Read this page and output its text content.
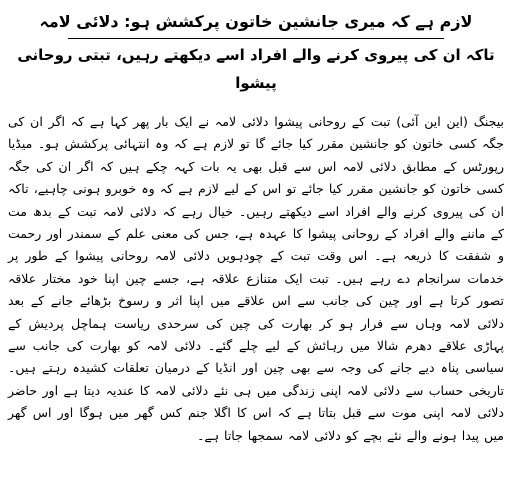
لازم ہے کہ میری جانشین خاتون پرکشش ہو: دلائی لامہ
تاکہ ان کی پیروی کرنے والے افراد اسے دیکھتے رہیں، تبتی روحانی پیشوا
بیجنگ (این این آئی) تبت کے روحانی پیشوا دلائی لامہ نے ایک بار پھر کہا ہے کہ اگر ان کی جگہ کسی خاتون کو جانشین مقرر کیا جائے گا تو لازم ہے کہ وہ انتہائی پرکشش ہو۔ میڈیا رپورٹس کے مطابق دلائی لامہ اس سے قبل بھی یہ بات کہہ چکے ہیں کہ اگر ان کی جگہ کسی خاتون کو جانشین مقرر کیا جائے تو اس کے لیے لازم ہے کہ وہ خوبرو ہونی چاہیے، تاکہ ان کی پیروی کرنے والے افراد اسے دیکھتے رہیں۔ خیال رہے کہ دلائی لامہ تبت کے بدھ مت کے ماننے والے افراد کے روحانی پیشوا کا عہدہ ہے، جس کی معنی علم کے سمندر اور رحمت و شفقت کا ذریعہ ہے۔ اس وقت تبت کے چودہویں دلائی لامہ روحانی پیشوا کے طور پر خدمات سرانجام دے رہے ہیں۔ تبت ایک متنازع علاقہ ہے، جسے چین اپنا خود مختار علاقہ تصور کرتا ہے اور چین کی جانب سے اس علاقے میں اپنا اثر و رسوخ بڑھائے جانے کے بعد دلائی لامہ وہاں سے فرار ہو کر بھارت کی چین کی سرحدی ریاست ہماچل پردیش کے پہاڑی علاقے دھرم شالا میں رہائش کے لیے چلے گئے۔ دلائی لامہ کو بھارت کی جانب سے سیاسی پناہ دیے جانے کی وجہ سے بھی چین اور انڈیا کے درمیان تعلقات کشیدہ رہتے ہیں۔ تاریخی حساب سے دلائی لامہ اپنی زندگی میں ہی نئے دلائی لامہ کا عندیہ دیتا ہے اور حاضر دلائی لامہ اپنی موت سے قبل بتاتا ہے کہ اس کا اگلا جنم کس گھر میں ہوگا اور اس گھر میں پیدا ہونے والے نئے بچے کو دلائی لامہ سمجھا جاتا ہے۔
